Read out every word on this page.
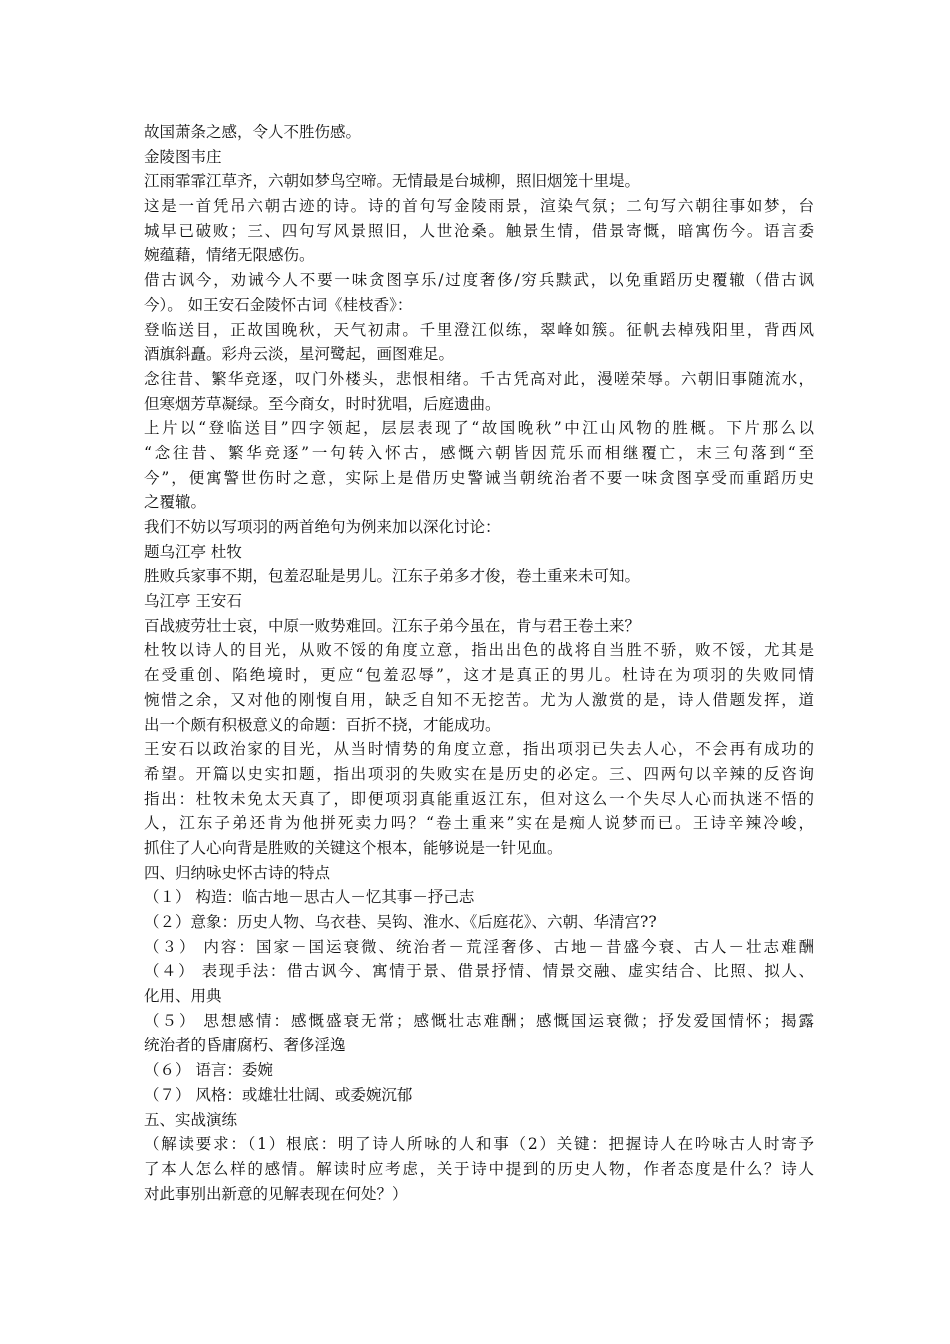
故国萧条之感，令人不胜伤感。
金陵图韦庄
江雨霏霏江草齐，六朝如梦鸟空啼。无情最是台城柳，照旧烟笼十里堤。
这是一首凭吊六朝古迹的诗。诗的首句写金陵雨景，渲染气氛；二句写六朝往事如梦，台
城早已破败；三、四句写风景照旧，人世沧桑。触景生情，借景寄慨，暗寓伤今。语言委
婉蕴藉，情绪无限感伤。
借古讽今，劝诫今人不要一味贪图享乐/过度奢侈/穷兵黩武，以免重蹈历史覆辙（借古讽
今）。 如王安石金陵怀古词《桂枝香》：
登临送目，正故国晚秋，天气初肃。千里澄江似练，翠峰如簇。征帆去棹残阳里，背西风
酒旗斜矗。彩舟云淡，星河鹭起，画图难足。
念往昔、繁华竞逐，叹门外楼头，悲恨相绪。千古凭高对此，漫嗟荣辱。六朝旧事随流水，
但寒烟芳草凝绿。至今商女，时时犹唱，后庭遗曲。
上片以“登临送目”四字领起，层层表现了“故国晚秋”中江山风物的胜概。下片那么以
“念往昔、繁华竞逐”一句转入怀古，感慨六朝皆因荒乐而相继覆亡，末三句落到“至
今”，便寓警世伤时之意，实际上是借历史警诫当朝统治者不要一味贪图享受而重蹈历史
之覆辙。
我们不妨以写项羽的两首绝句为例来加以深化讨论：
题乌江亭 杜牧
胜败兵家事不期，包羞忍耻是男儿。江东子弟多才俊，卷土重来未可知。
乌江亭 王安石
百战疲劳壮士哀，中原一败势难回。江东子弟今虽在，肯与君王卷土来？
杜牧以诗人的目光，从败不馁的角度立意，指出出色的战将自当胜不骄，败不馁，尤其是
在受重创、陷绝境时，更应“包羞忍辱”，这才是真正的男儿。杜诗在为项羽的失败同情
惋惜之余，又对他的刚愎自用，缺乏自知不无挖苦。尤为人激赏的是，诗人借题发挥，道
出一个颇有积极意义的命题：百折不挠，才能成功。
王安石以政治家的目光，从当时情势的角度立意，指出项羽已失去人心，不会再有成功的
希望。开篇以史实扣题，指出项羽的失败实在是历史的必定。三、四两句以辛辣的反咨询
指出：杜牧未免太天真了，即便项羽真能重返江东，但对这么一个失尽人心而执迷不悟的
人，江东子弟还肯为他拼死卖力吗？“卷土重来”实在是痴人说梦而已。王诗辛辣冷峻，
抓住了人心向背是胜败的关键这个根本，能够说是一针见血。
四、归纳咏史怀古诗的特点
（１） 构造：临古地－思古人－忆其事－抒己志
（２）意象：历史人物、乌衣巷、吴钩、淮水、《后庭花》、六朝、华清宫??
（３） 内容：国家－国运衰微、统治者－荒淫奢侈、古地－昔盛今衰、古人－壮志难酬
（４） 表现手法：借古讽今、寓情于景、借景抒情、情景交融、虚实结合、比照、拟人、
化用、用典
（５） 思想感情：感慨盛衰无常；感慨壮志难酬；感慨国运衰微；抒发爱国情怀；揭露
统治者的昏庸腐朽、奢侈淫逸
（６） 语言：委婉
（７） 风格：或雄壮壮阔、或委婉沉郁
五、实战演练
（解读要求：（1）根底：明了诗人所咏的人和事（2）关键：把握诗人在吟咏古人时寄予
了本人怎么样的感情。解读时应考虑，关于诗中提到的历史人物，作者态度是什么？诗人
对此事别出新意的见解表现在何处？）
